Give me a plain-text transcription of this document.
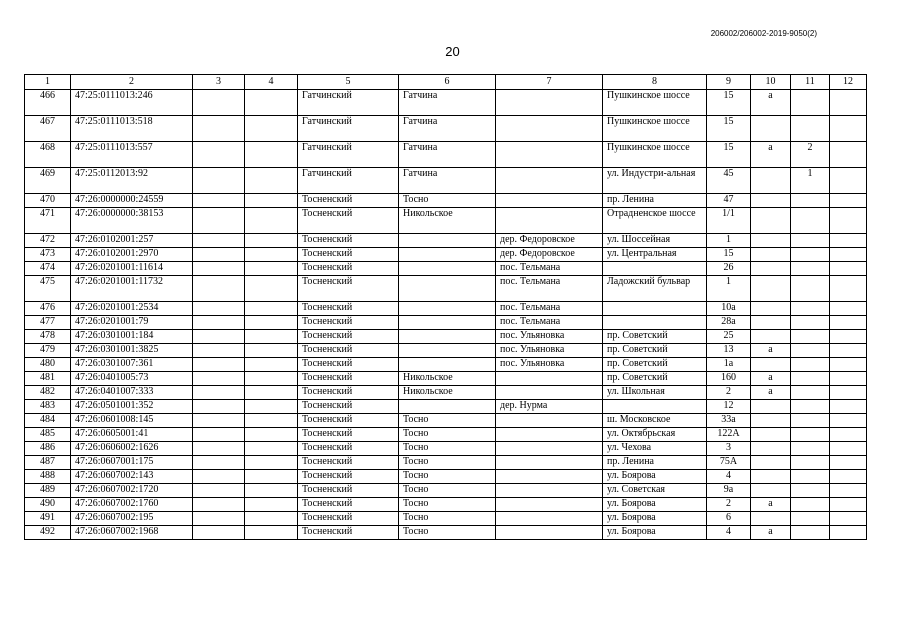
206002/206002-2019-9050(2)
20
1	2	3	4	5	6	7	8	9	10	11	12
466	47:25:0111013:246			Гатчинский	Гатчина		Пушкинское шоссе	15	а		
467	47:25:0111013:518			Гатчинский	Гатчина		Пушкинское шоссе	15			
468	47:25:0111013:557			Гатчинский	Гатчина		Пушкинское шоссе	15	а	2	
469	47:25:0112013:92			Гатчинский	Гатчина		ул. Индустри-альная	45		1	
470	47:26:0000000:24559			Тосненский	Тосно		пр. Ленина	47			
471	47:26:0000000:38153			Тосненский	Никольское		Отрадненское шоссе	1/1			
472	47:26:0102001:257			Тосненский		дер. Федоровское	ул. Шоссейная	1			
473	47:26:0102001:2970			Тосненский		дер. Федоровское	ул. Центральная	15			
474	47:26:0201001:11614			Тосненский		пос. Тельмана		26			
475	47:26:0201001:11732			Тосненский		пос. Тельмана	Ладожский бульвар	1			
476	47:26:0201001:2534			Тосненский		пос. Тельмана		10а			
477	47:26:0201001:79			Тосненский		пос. Тельмана		28а			
478	47:26:0301001:184			Тосненский		пос. Ульяновка	пр. Советский	25			
479	47:26:0301001:3825			Тосненский		пос. Ульяновка	пр. Советский	13	а		
480	47:26:0301007:361			Тосненский		пос. Ульяновка	пр. Советский	1а			
481	47:26:0401005:73			Тосненский	Никольское		пр. Советский	160	а		
482	47:26:0401007:333			Тосненский	Никольское		ул. Школьная	2	а		
483	47:26:0501001:352			Тосненский		дер. Нурма		12			
484	47:26:0601008:145			Тосненский	Тосно		ш. Московское	33а			
485	47:26:0605001:41			Тосненский	Тосно		ул. Октябрьская	122А			
486	47:26:0606002:1626			Тосненский	Тосно		ул. Чехова	3			
487	47:26:0607001:175			Тосненский	Тосно		пр. Ленина	75А			
488	47:26:0607002:143			Тосненский	Тосно		ул. Боярова	4			
489	47:26:0607002:1720			Тосненский	Тосно		ул. Советская	9а			
490	47:26:0607002:1760			Тосненский	Тосно		ул. Боярова	2	а		
491	47:26:0607002:195			Тосненский	Тосно		ул. Боярова	6			
492	47:26:0607002:1968			Тосненский	Тосно		ул. Боярова	4	а		
